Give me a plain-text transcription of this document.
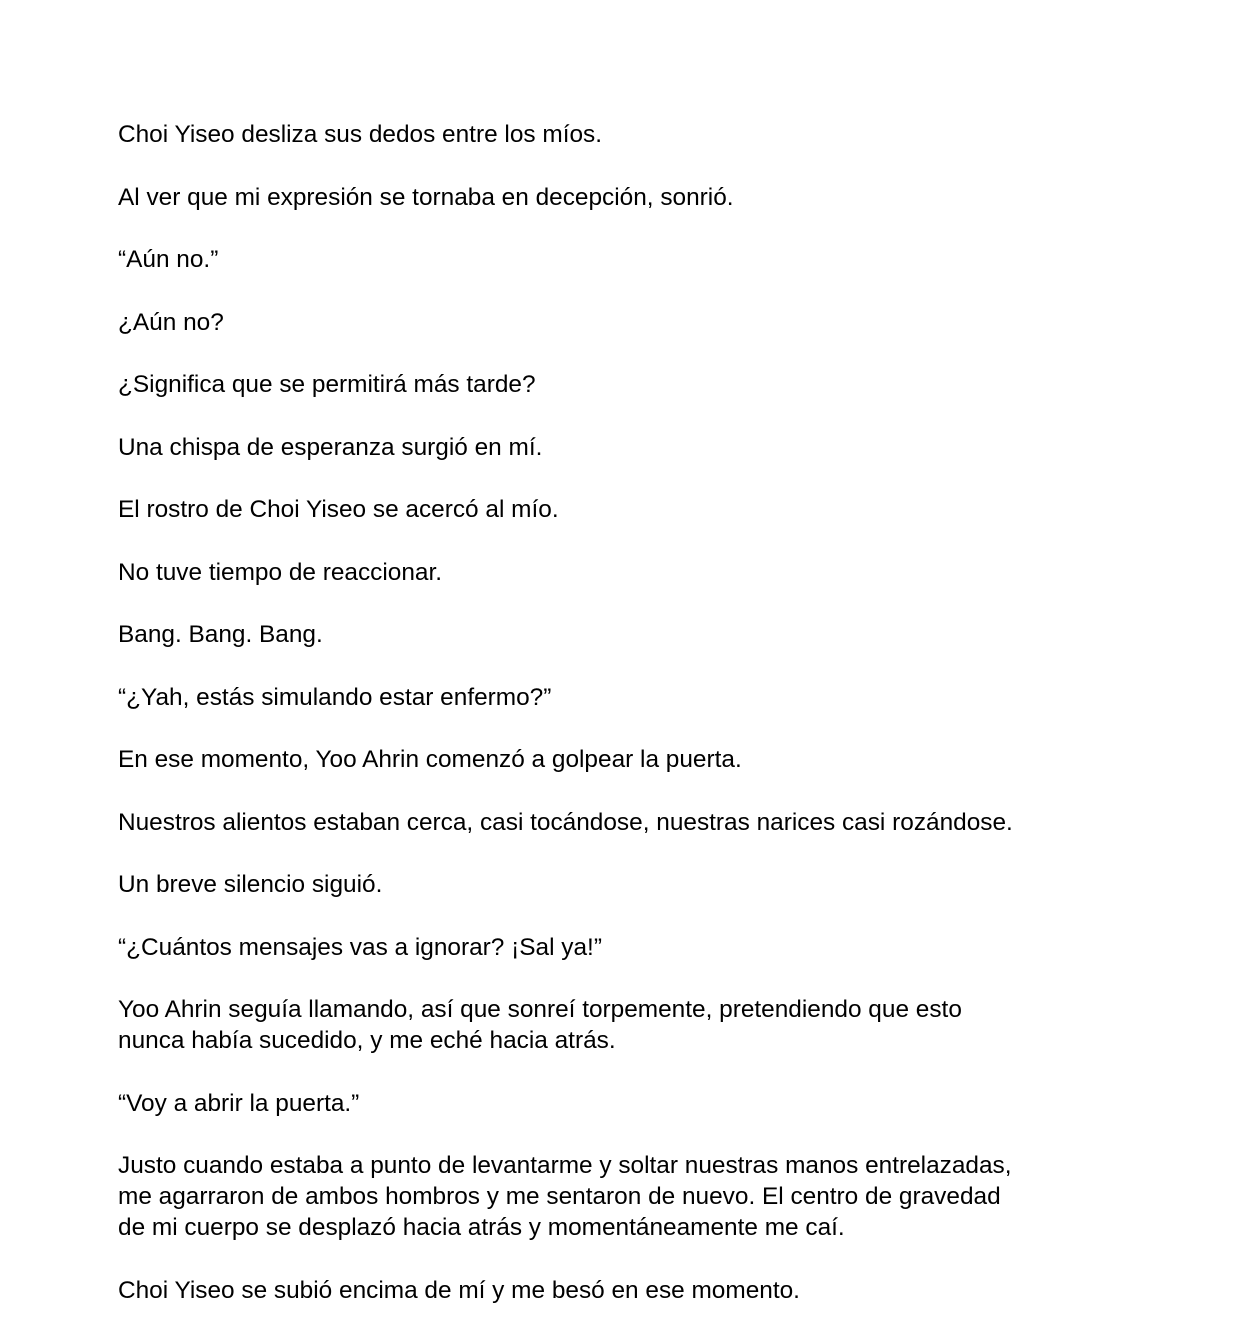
Choi Yiseo desliza sus dedos entre los míos.

Al ver que mi expresión se tornaba en decepción, sonrió.

“Aún no.”

¿Aún no?

¿Significa que se permitirá más tarde?

Una chispa de esperanza surgió en mí.

El rostro de Choi Yiseo se acercó al mío.

No tuve tiempo de reaccionar.

Bang. Bang. Bang.

“¿Yah, estás simulando estar enfermo?”

En ese momento, Yoo Ahrin comenzó a golpear la puerta.

Nuestros alientos estaban cerca, casi tocándose, nuestras narices casi rozándose.

Un breve silencio siguió.

“¿Cuántos mensajes vas a ignorar? ¡Sal ya!”

Yoo Ahrin seguía llamando, así que sonreí torpemente, pretendiendo que esto
nunca había sucedido, y me eché hacia atrás.

“Voy a abrir la puerta.”

Justo cuando estaba a punto de levantarme y soltar nuestras manos entrelazadas,
me agarraron de ambos hombros y me sentaron de nuevo. El centro de gravedad
de mi cuerpo se desplazó hacia atrás y momentáneamente me caí.

Choi Yiseo se subió encima de mí y me besó en ese momento.
